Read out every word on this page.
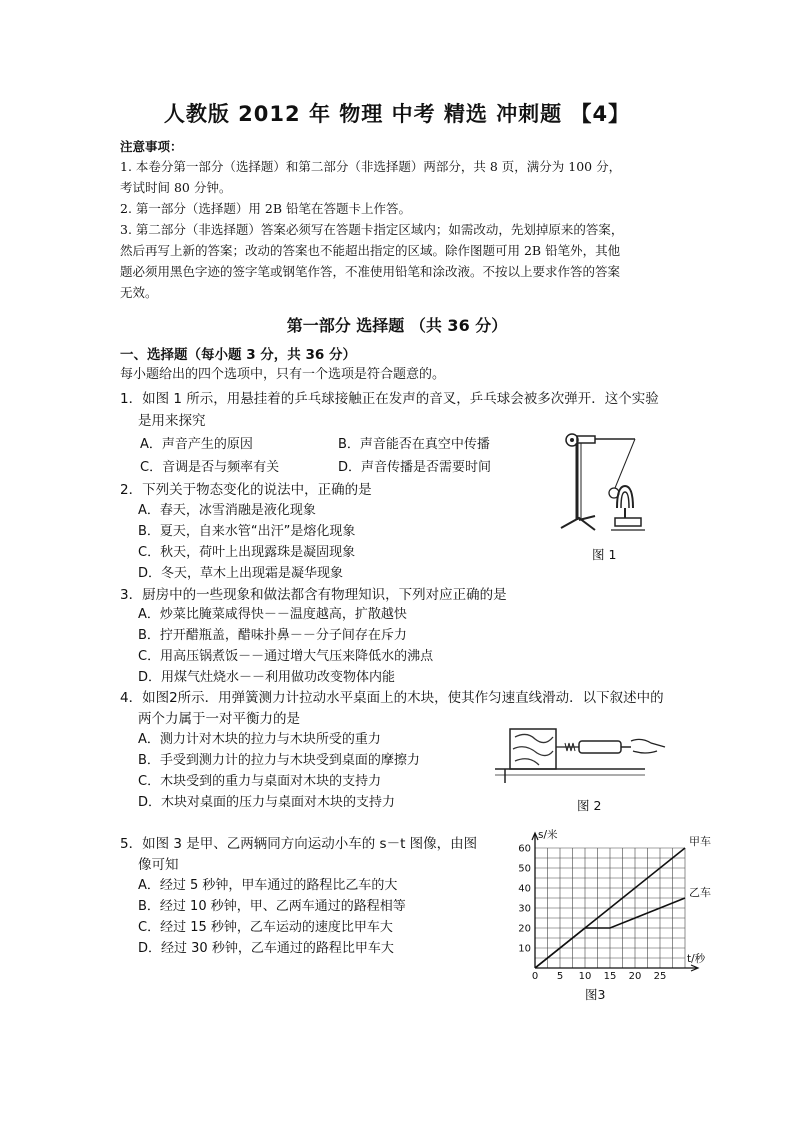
人教版 2012 年 物理 中考 精选 冲刺题 【4】
注意事项：
1. 本卷分第一部分（选择题）和第二部分（非选择题）两部分，共 8 页，满分为 100 分，
考试时间 80 分钟。
2. 第一部分（选择题）用 2B 铅笔在答题卡上作答。
3. 第二部分（非选择题）答案必须写在答题卡指定区域内；如需改动，先划掉原来的答案，
然后再写上新的答案；改动的答案也不能超出指定的区域。除作图题可用 2B 铅笔外，其他
题必须用黑色字迹的签字笔或钢笔作答，不准使用铅笔和涂改液。不按以上要求作答的答案
无效。
第一部分 选择题 （共 36 分）
一、选择题（每小题 3 分，共 36 分）
每小题给出的四个选项中，只有一个选项是符合题意的。
1．如图 1 所示，用悬挂着的乒乓球接触正在发声的音叉，乒乓球会被多次弹开．这个实验
是用来探究
A．声音产生的原因	B．声音能否在真空中传播
C．音调是否与频率有关	D．声音传播是否需要时间
2．下列关于物态变化的说法中，正确的是
A．春天，冰雪消融是液化现象
B．夏天，自来水管“出汗”是熔化现象
C．秋天，荷叶上出现露珠是凝固现象
D．冬天，草木上出现霜是凝华现象
3．厨房中的一些现象和做法都含有物理知识，下列对应正确的是
A．炒菜比腌菜咸得快－－温度越高，扩散越快
B．拧开醋瓶盖，醋味扑鼻－－分子间存在斥力
C．用高压锅煮饭－－通过增大气压来降低水的沸点
D．用煤气灶烧水－－利用做功改变物体内能
4．如图2所示．用弹簧测力计拉动水平桌面上的木块，使其作匀速直线滑动．以下叙述中的
两个力属于一对平衡力的是
A．测力计对木块的拉力与木块所受的重力
B．手受到测力计的拉力与木块受到桌面的摩擦力
C．木块受到的重力与桌面对木块的支持力
D．木块对桌面的压力与桌面对木块的支持力
5．如图 3 是甲、乙两辆同方向运动小车的 s－t 图像，由图
像可知
A．经过 5 秒钟，甲车通过的路程比乙车的大
B．经过 10 秒钟，甲、乙两车通过的路程相等
C．经过 15 秒钟，乙车运动的速度比甲车大
D．经过 30 秒钟，乙车通过的路程比甲车大
图 1
图 2
0 5 10 15 20 25
10
20
30
40
50
60
s/米
t/秒
甲车
乙车
图3
